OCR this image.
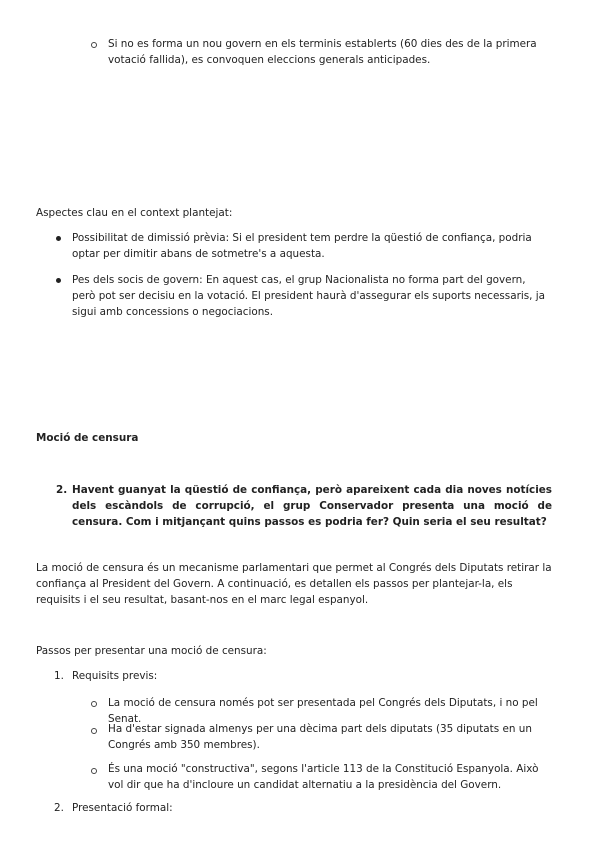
Si no es forma un nou govern en els terminis establerts (60 dies des de la primera votació fallida), es convoquen eleccions generals anticipades.
Aspectes clau en el context plantejat:
Possibilitat de dimissió prèvia: Si el president tem perdre la qüestió de confiança, podria optar per dimitir abans de sotmetre's a aquesta.
Pes dels socis de govern: En aquest cas, el grup Nacionalista no forma part del govern, però pot ser decisiu en la votació. El president haurà d'assegurar els suports necessaris, ja sigui amb concessions o negociacions.
Moció de censura
2. Havent guanyat la qüestió de confiança, però apareixent cada dia noves notícies dels escàndols de corrupció, el grup Conservador presenta una moció de censura. Com i mitjançant quins passos es podria fer? Quin seria el seu resultat?
La moció de censura és un mecanisme parlamentari que permet al Congrés dels Diputats retirar la confiança al President del Govern. A continuació, es detallen els passos per plantejar-la, els requisits i el seu resultat, basant-nos en el marc legal espanyol.
Passos per presentar una moció de censura:
1. Requisits previs:
La moció de censura només pot ser presentada pel Congrés dels Diputats, i no pel Senat.
Ha d'estar signada almenys per una dècima part dels diputats (35 diputats en un Congrés amb 350 membres).
És una moció "constructiva", segons l'article 113 de la Constitució Espanyola. Això vol dir que ha d'incloure un candidat alternatiu a la presidència del Govern.
2. Presentació formal:
